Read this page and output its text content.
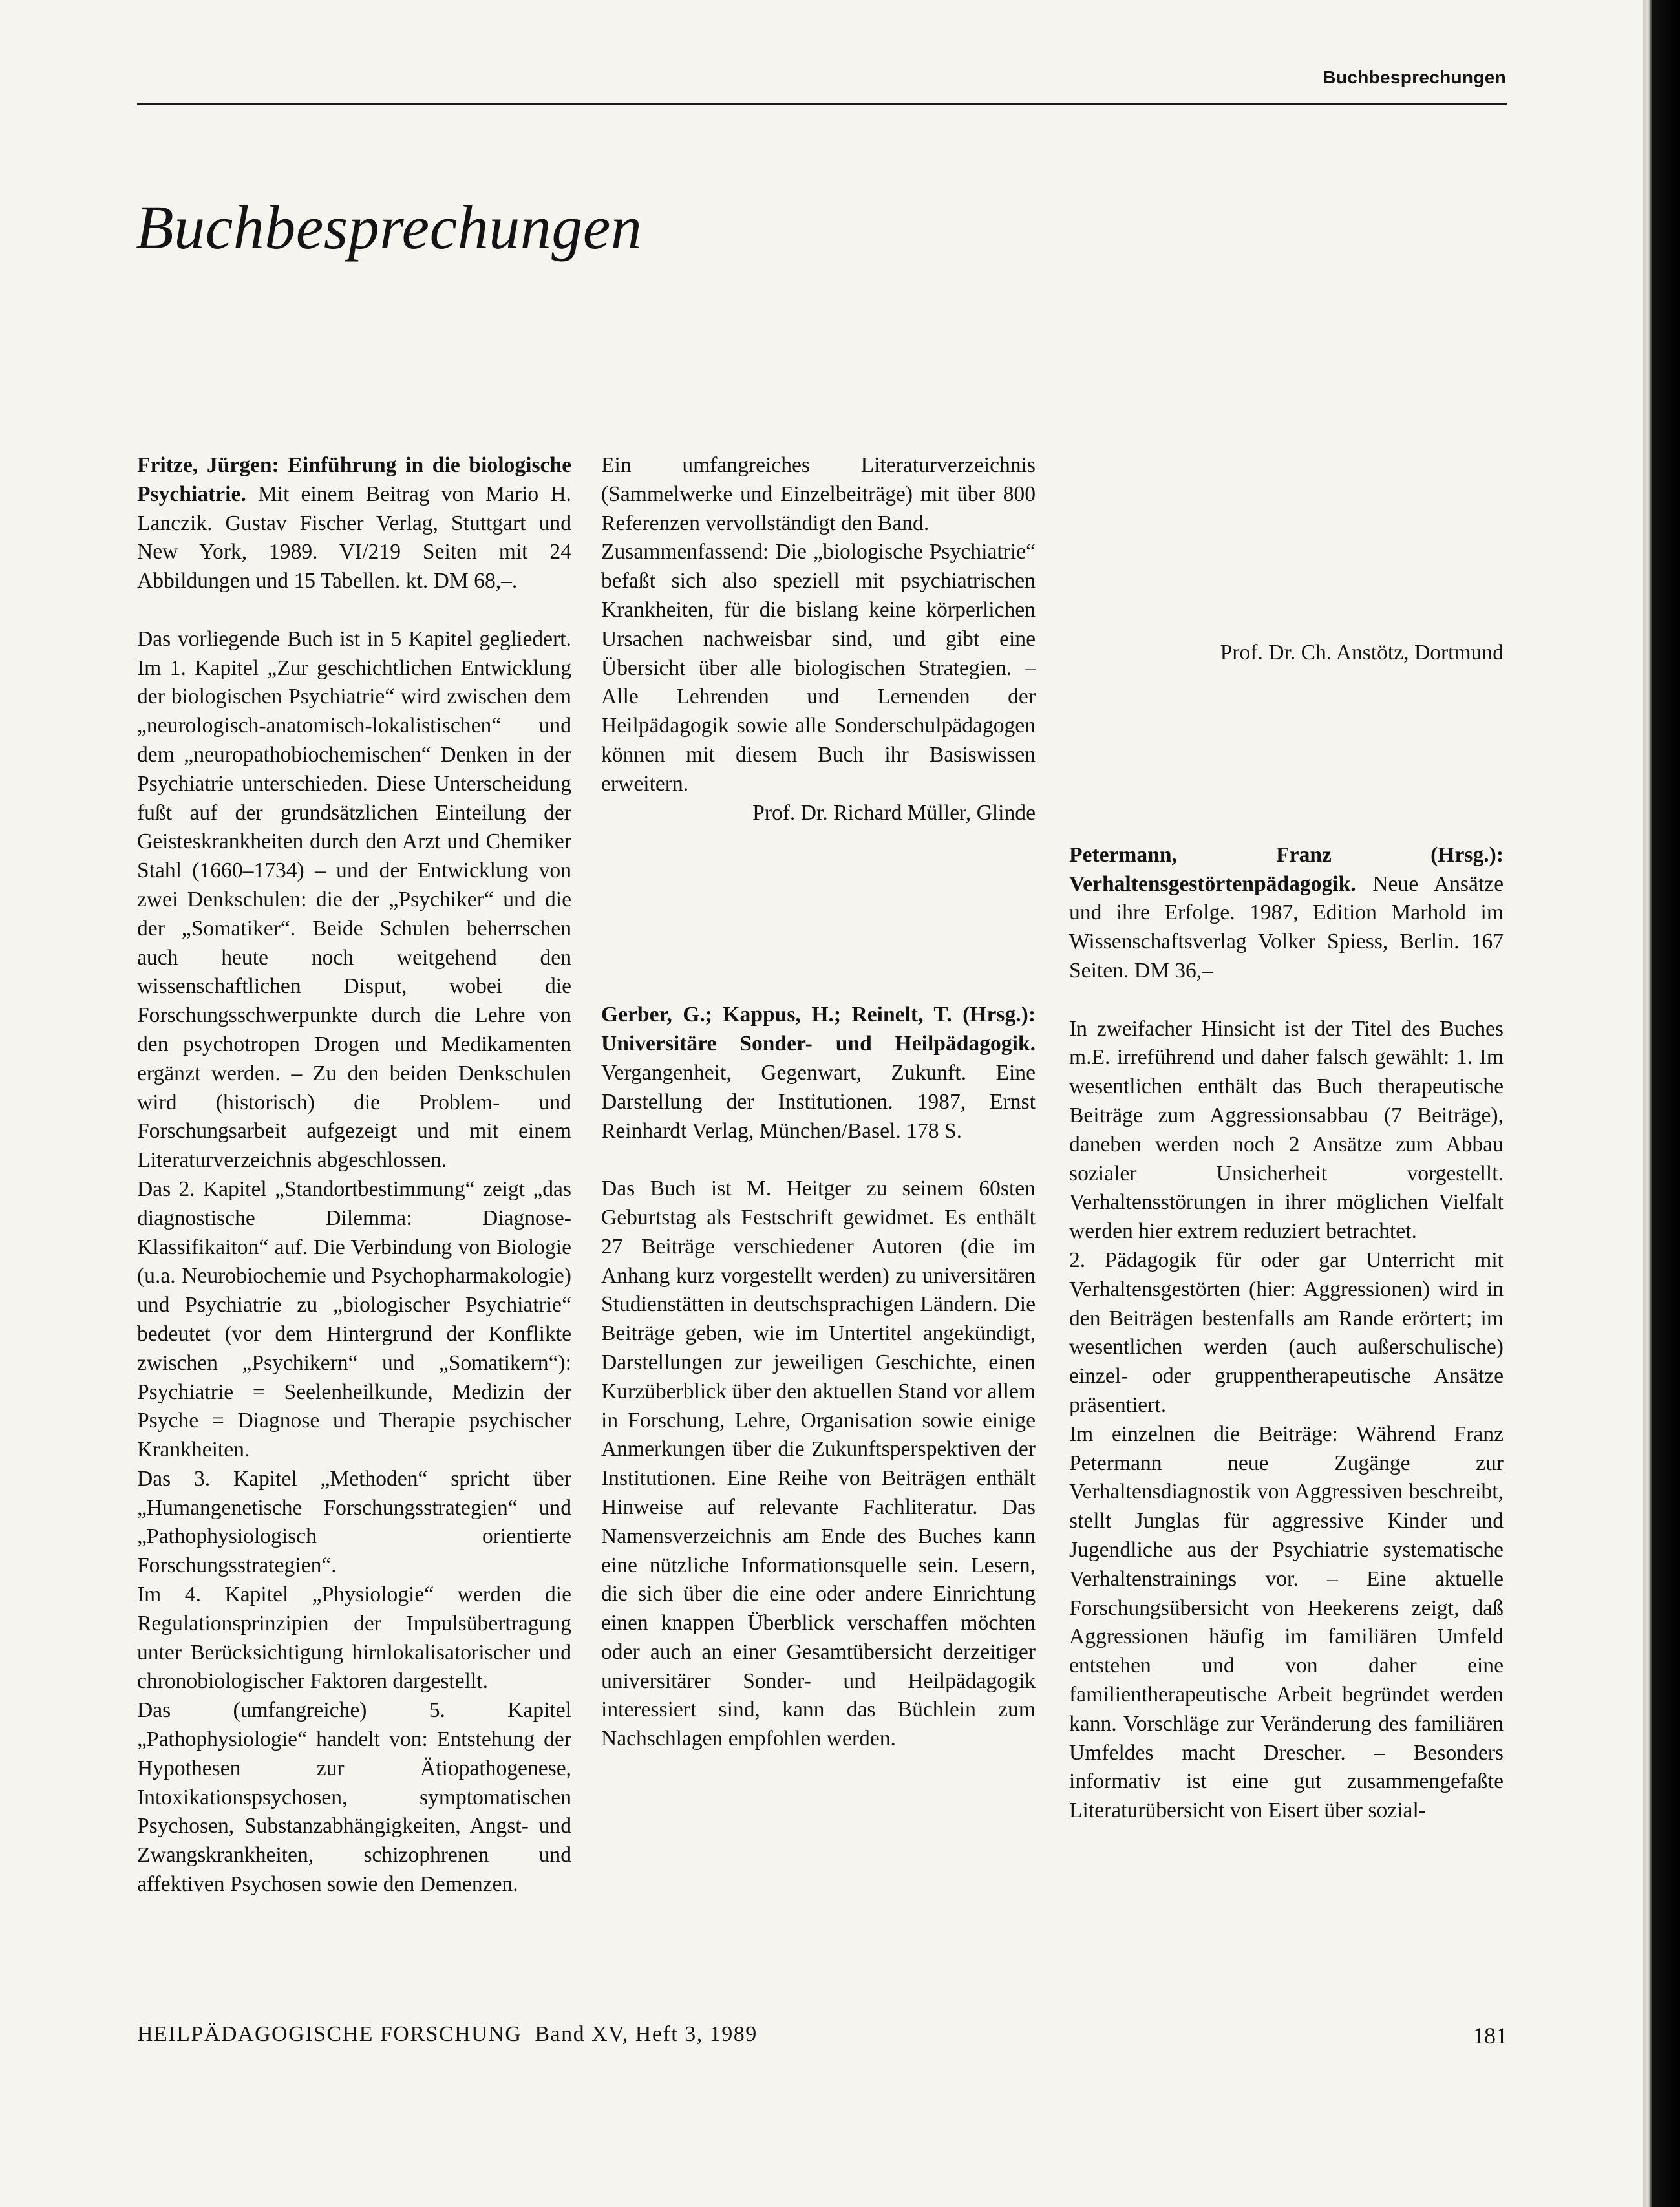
Buchbesprechungen
Buchbesprechungen

Fritze, Jürgen: Einführung in die biologische Psychiatrie. Mit einem Beitrag von Mario H. Lanczik. Gustav Fischer Verlag, Stuttgart und New York, 1989. VI/219 Seiten mit 24 Abbildungen und 15 Tabellen. kt. DM 68,–.

Das vorliegende Buch ist in 5 Kapitel gegliedert. Im 1. Kapitel „Zur geschichtlichen Entwicklung der biologischen Psychiatrie“ wird zwischen dem „neurologisch-anatomisch-lokalistischen“ und dem „neuropathobiochemischen“ Denken in der Psychiatrie unterschieden. Diese Unterscheidung fußt auf der grundsätzlichen Einteilung der Geisteskrankheiten durch den Arzt und Chemiker Stahl (1660–1734) – und der Entwicklung von zwei Denkschulen: die der „Psychiker“ und die der „Somatiker“. Beide Schulen beherrschen auch heute noch weitgehend den wissenschaftlichen Disput, wobei die Forschungsschwerpunkte durch die Lehre von den psychotropen Drogen und Medikamenten ergänzt werden. – Zu den beiden Denkschulen wird (historisch) die Problem- und Forschungsarbeit aufgezeigt und mit einem Literaturverzeichnis abgeschlossen.

Das 2. Kapitel „Standortbestimmung“ zeigt „das diagnostische Dilemma: Diagnose-Klassifikaiton“ auf. Die Verbindung von Biologie (u.a. Neurobiochemie und Psychopharmakologie) und Psychiatrie zu „biologischer Psychiatrie“ bedeutet (vor dem Hintergrund der Konflikte zwischen „Psychikern“ und „Somatikern“): Psychiatrie = Seelenheilkunde, Medizin der Psyche = Diagnose und Therapie psychischer Krankheiten.

Das 3. Kapitel „Methoden“ spricht über „Humangenetische Forschungsstrategien“ und „Pathophysiologisch orientierte Forschungsstrategien“.

Im 4. Kapitel „Physiologie“ werden die Regulationsprinzipien der Impulsübertragung unter Berücksichtigung hirnlokalisatorischer und chronobiologischer Faktoren dargestellt.

Das (umfangreiche) 5. Kapitel „Pathophysiologie“ handelt von: Entstehung der Hypothesen zur Ätiopathogenese, Intoxikationspsychosen, symptomatischen Psychosen, Substanzabhängigkeiten, Angst- und Zwangskrankheiten, schizophrenen und affektiven Psychosen sowie den Demenzen.

Ein umfangreiches Literaturverzeichnis (Sammelwerke und Einzelbeiträge) mit über 800 Referenzen vervollständigt den Band.

Zusammenfassend: Die „biologische Psychiatrie“ befaßt sich also speziell mit psychiatrischen Krankheiten, für die bislang keine körperlichen Ursachen nachweisbar sind, und gibt eine Übersicht über alle biologischen Strategien. – Alle Lehrenden und Lernenden der Heilpädagogik sowie alle Sonderschulpädagogen können mit diesem Buch ihr Basiswissen erweitern.

Prof. Dr. Richard Müller, Glinde

Gerber, G.; Kappus, H.; Reinelt, T. (Hrsg.): Universitäre Sonder- und Heilpädagogik. Vergangenheit, Gegenwart, Zukunft. Eine Darstellung der Institutionen. 1987, Ernst Reinhardt Verlag, München/Basel. 178 S.

Das Buch ist M. Heitger zu seinem 60sten Geburtstag als Festschrift gewidmet. Es enthält 27 Beiträge verschiedener Autoren (die im Anhang kurz vorgestellt werden) zu universitären Studienstätten in deutschsprachigen Ländern. Die Beiträge geben, wie im Untertitel angekündigt, Darstellungen zur jeweiligen Geschichte, einen Kurzüberblick über den aktuellen Stand vor allem in Forschung, Lehre, Organisation sowie einige Anmerkungen über die Zukunftsperspektiven der Institutionen. Eine Reihe von Beiträgen enthält Hinweise auf relevante Fachliteratur. Das Namensverzeichnis am Ende des Buches kann eine nützliche Informationsquelle sein. Lesern, die sich über die eine oder andere Einrichtung einen knappen Überblick verschaffen möchten oder auch an einer Gesamtübersicht derzeitiger universitärer Sonder- und Heilpädagogik interessiert sind, kann das Büchlein zum Nachschlagen empfohlen werden.

Prof. Dr. Ch. Anstötz, Dortmund

Petermann, Franz (Hrsg.): Verhaltensgestörtenpädagogik. Neue Ansätze und ihre Erfolge. 1987, Edition Marhold im Wissenschaftsverlag Volker Spiess, Berlin. 167 Seiten. DM 36,–

In zweifacher Hinsicht ist der Titel des Buches m.E. irreführend und daher falsch gewählt: 1. Im wesentlichen enthält das Buch therapeutische Beiträge zum Aggressionsabbau (7 Beiträge), daneben werden noch 2 Ansätze zum Abbau sozialer Unsicherheit vorgestellt. Verhaltensstörungen in ihrer möglichen Vielfalt werden hier extrem reduziert betrachtet.

2. Pädagogik für oder gar Unterricht mit Verhaltensgestörten (hier: Aggressionen) wird in den Beiträgen bestenfalls am Rande erörtert; im wesentlichen werden (auch außerschulische) einzel- oder gruppentherapeutische Ansätze präsentiert.

Im einzelnen die Beiträge: Während Franz Petermann neue Zugänge zur Verhaltensdiagnostik von Aggressiven beschreibt, stellt Junglas für aggressive Kinder und Jugendliche aus der Psychiatrie systematische Verhaltenstrainings vor. – Eine aktuelle Forschungsübersicht von Heekerens zeigt, daß Aggressionen häufig im familiären Umfeld entstehen und von daher eine familientherapeutische Arbeit begründet werden kann. Vorschläge zur Veränderung des familiären Umfeldes macht Drescher. – Besonders informativ ist eine gut zusammengefaßte Literaturübersicht von Eisert über sozial-

HEILPÄDAGOGISCHE FORSCHUNG  Band XV, Heft 3, 1989	181
